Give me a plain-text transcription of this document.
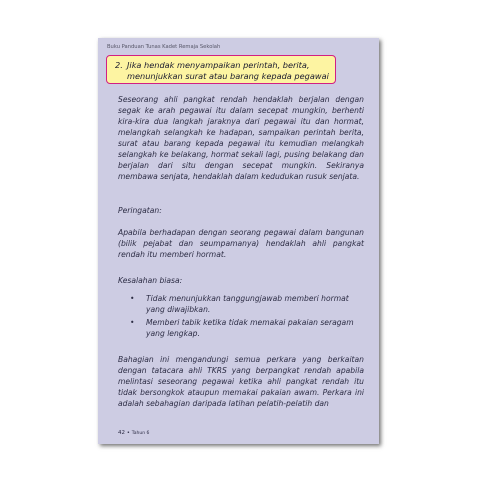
Buku Panduan Tunas Kadet Remaja Sekolah
2. Jika hendak menyampaikan perintah, berita, menunjukkan surat atau barang kepada pegawai
Seseorang ahli pangkat rendah hendaklah berjalan dengan segak ke arah pegawai itu dalam secepat mungkin, berhenti kira-kira dua langkah jaraknya dari pegawai itu dan hormat, melangkah selangkah ke hadapan, sampaikan perintah berita, surat atau barang kepada pegawai itu kemudian melangkah selangkah ke belakang, hormat sekali lagi, pusing belakang dan berjalan dari situ dengan secepat mungkin. Sekiranya membawa senjata, hendaklah dalam kedudukan rusuk senjata.
Peringatan:
Apabila berhadapan dengan seorang pegawai dalam bangunan (bilik pejabat dan seumpamanya) hendaklah ahli pangkat rendah itu memberi hormat.
Kesalahan biasa:
• Tidak menunjukkan tanggungjawab memberi hormat yang diwajibkan.
• Memberi tabik ketika tidak memakai pakaian seragam yang lengkap.
Bahagian ini mengandungi semua perkara yang berkaitan dengan tatacara ahli TKRS yang berpangkat rendah apabila melintasi seseorang pegawai ketika ahli pangkat rendah itu tidak bersongkok ataupun memakai pakaian awam. Perkara ini adalah sebahagian daripada latihan pelatih-pelatih dan
42 • Tahun 6
